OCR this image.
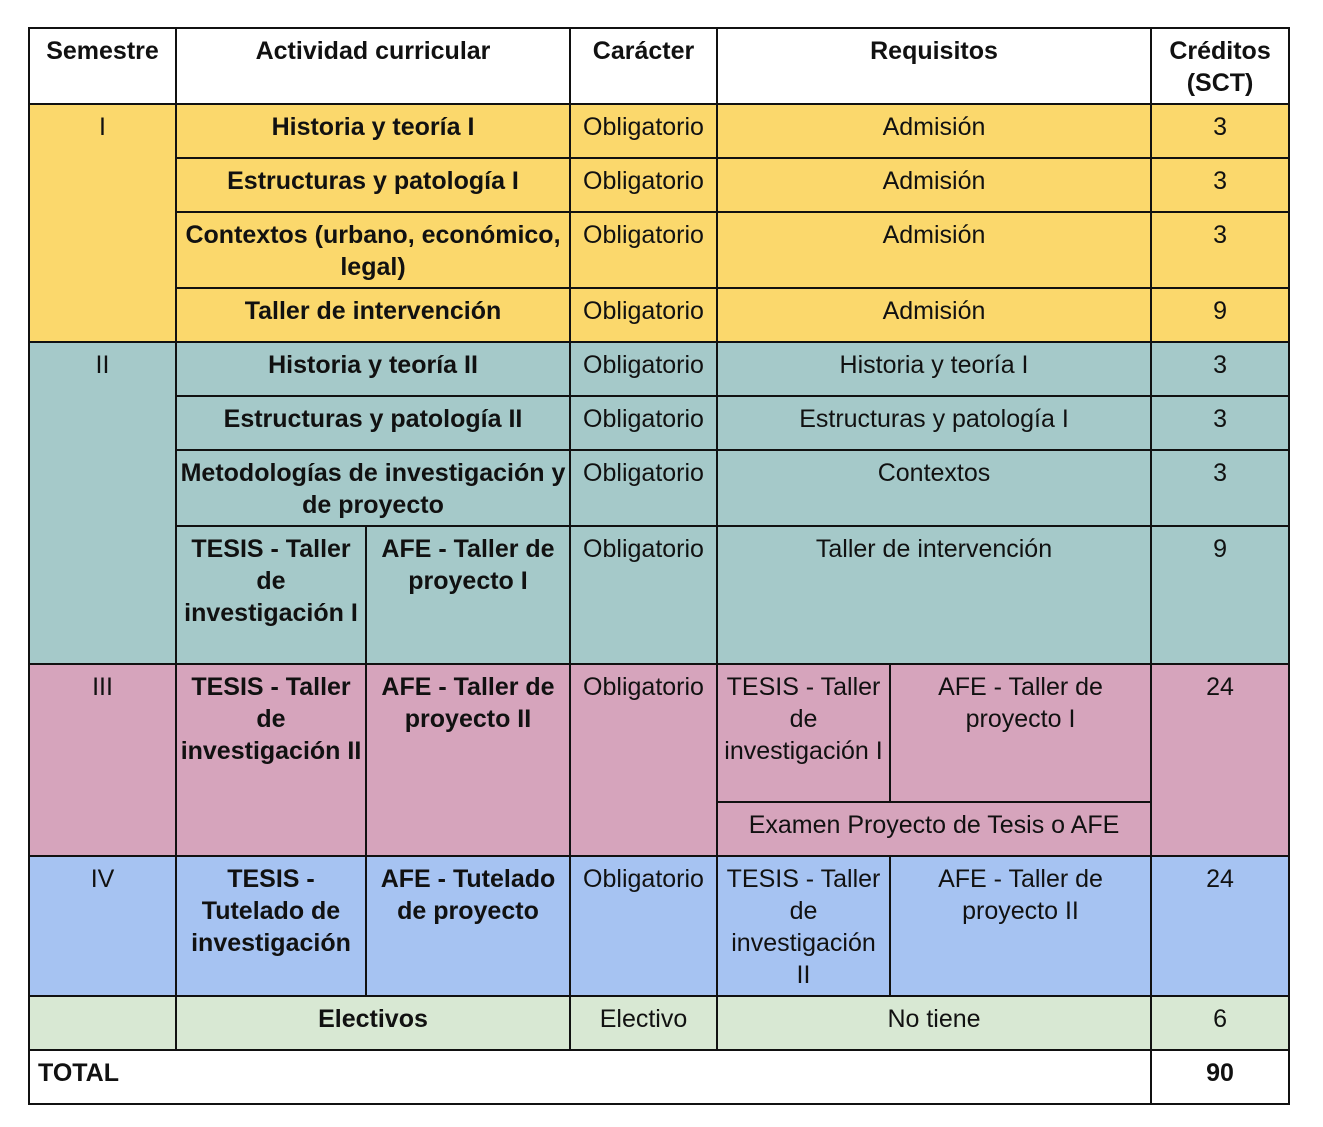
Semestre	Actividad curricular		Carácter	Requisitos		Créditos (SCT)
I	Historia y teoría I		Obligatorio	Admisión		3
	Estructuras y patología I		Obligatorio	Admisión		3
	Contextos (urbano, económico, legal)		Obligatorio	Admisión		3
	Taller de intervención		Obligatorio	Admisión		9
II	Historia y teoría II		Obligatorio	Historia y teoría I		3
	Estructuras y patología II		Obligatorio	Estructuras y patología I		3
	Metodologías de investigación y de proyecto		Obligatorio	Contextos		3
	TESIS - Taller de investigación I	AFE - Taller de proyecto I	Obligatorio	Taller de intervención		9
III	TESIS - Taller de investigación II	AFE - Taller de proyecto II	Obligatorio	TESIS - Taller de investigación I	AFE - Taller de proyecto I	24
				Examen Proyecto de Tesis o AFE		
IV	TESIS - Tutelado de investigación	AFE - Tutelado de proyecto	Obligatorio	TESIS - Taller de investigación II	AFE - Taller de proyecto II	24
	Electivos		Electivo	No tiene		6
TOTAL						90
